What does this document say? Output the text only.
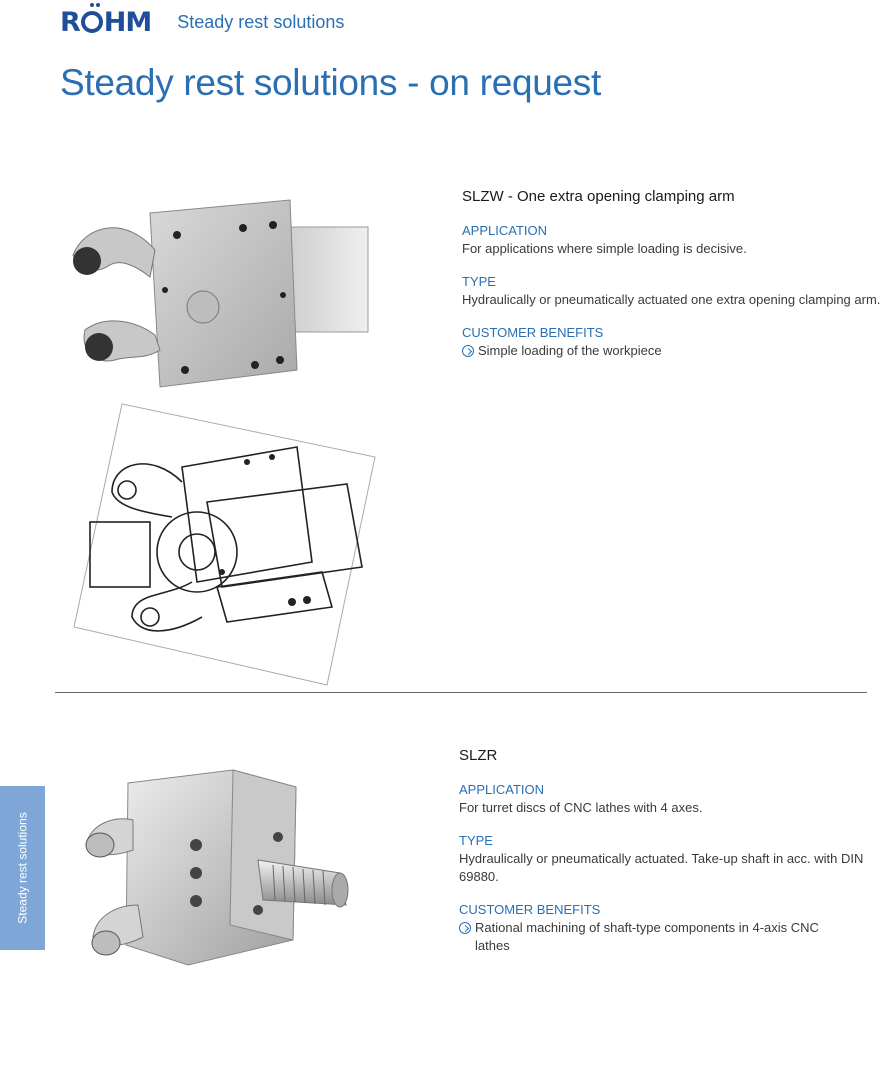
R HM Steady rest solutions
Steady rest solutions - on request
SLZW - One extra opening clamping arm
APPLICATION

For applications where simple loading is decisive.

TYPE

Hydraulically or pneumatically actuated one extra opening clamping arm.

CUSTOMER BENEFITS
Simple loading of the workpiece
Steady rest solutions
SLZR
APPLICATION

For turret discs of CNC lathes with 4 axes.

TYPE

Hydraulically or pneumatically actuated. Take-up shaft in acc. with DIN 69880.

CUSTOMER BENEFITS
Rational machining of shaft-type components in 4-axis CNC lathes
